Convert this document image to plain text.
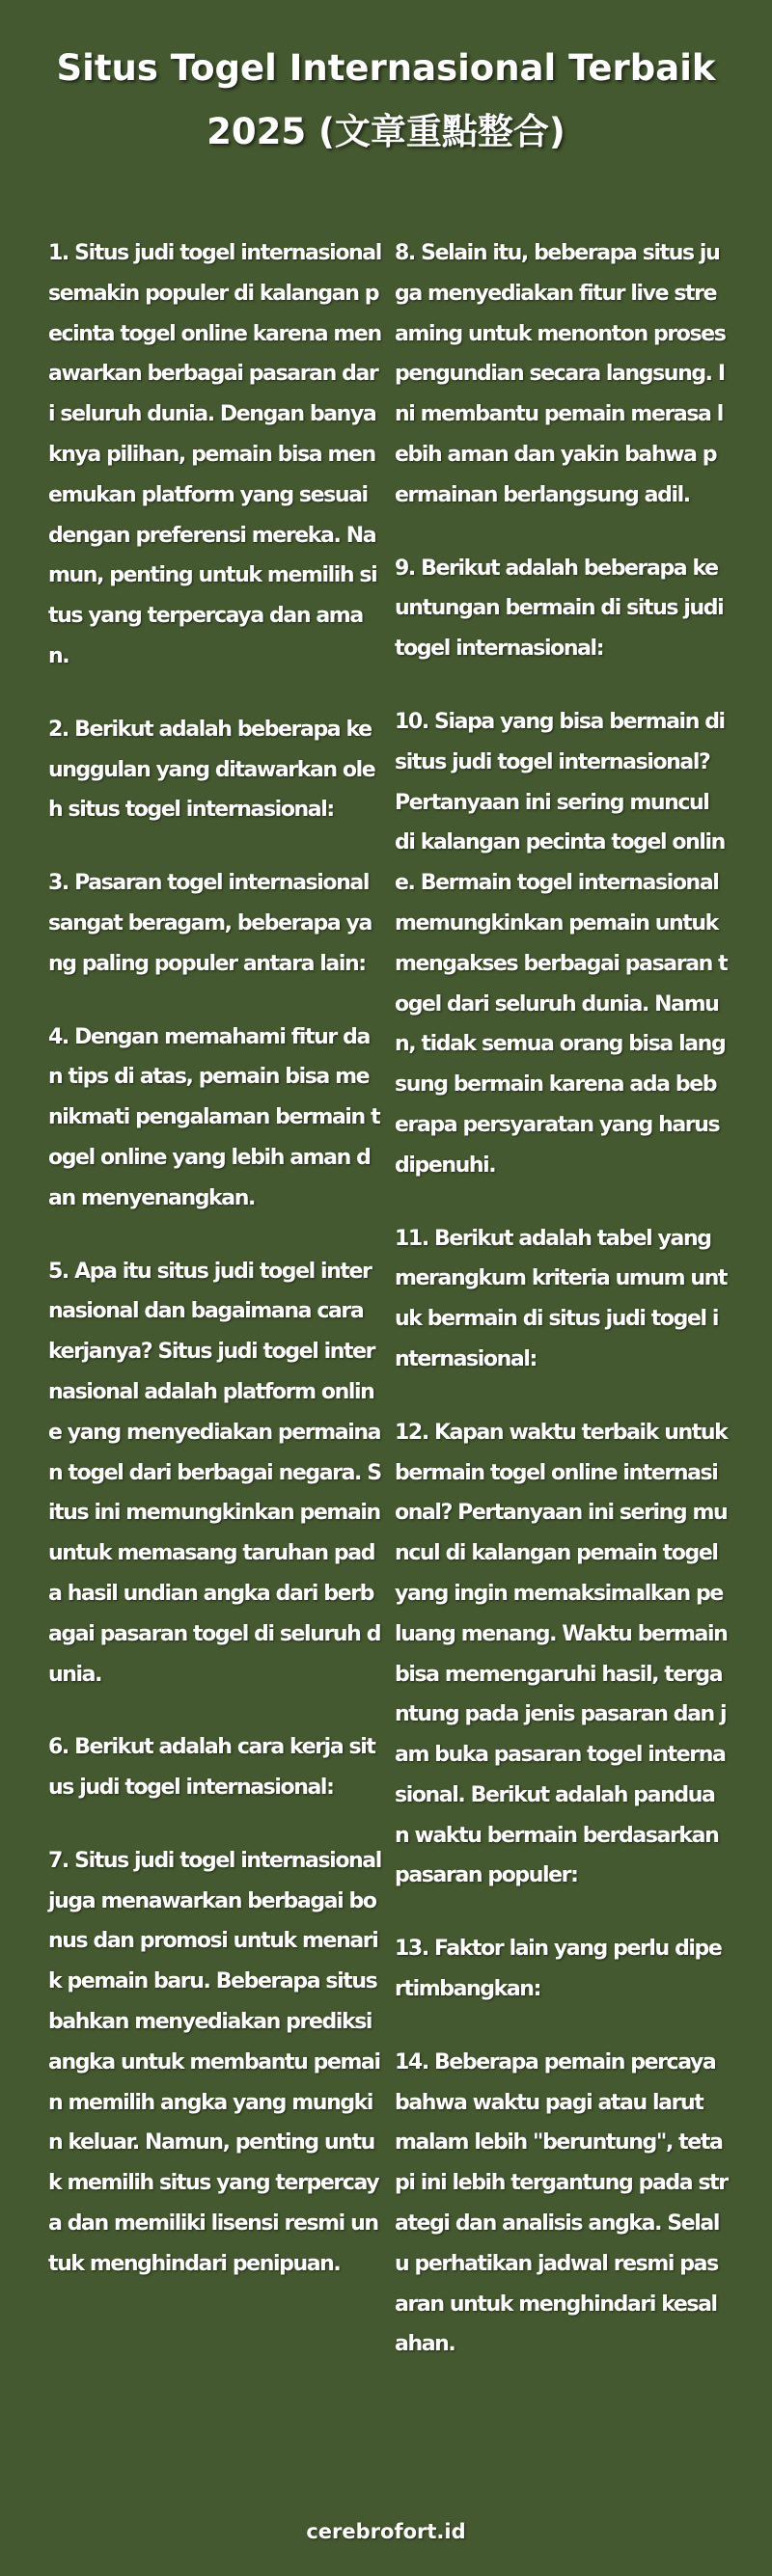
Situs Togel Internasional Terbaik 2025 (文章重點整合)

1. Situs judi togel internasional semakin populer di kalangan pecinta togel online karena menawarkan berbagai pasaran dari seluruh dunia. Dengan banyaknya pilihan, pemain bisa menemukan platform yang sesuai dengan preferensi mereka. Namun, penting untuk memilih situs yang terpercaya dan aman.

2. Berikut adalah beberapa keunggulan yang ditawarkan oleh situs togel internasional:

3. Pasaran togel internasional sangat beragam, beberapa yang paling populer antara lain:

4. Dengan memahami fitur dan tips di atas, pemain bisa menikmati pengalaman bermain togel online yang lebih aman dan menyenangkan.

5. Apa itu situs judi togel internasional dan bagaimana cara kerjanya? Situs judi togel internasional adalah platform online yang menyediakan permainan togel dari berbagai negara. Situs ini memungkinkan pemain untuk memasang taruhan pada hasil undian angka dari berbagai pasaran togel di seluruh dunia.

6. Berikut adalah cara kerja situs judi togel internasional:

7. Situs judi togel internasional juga menawarkan berbagai bonus dan promosi untuk menarik pemain baru. Beberapa situs bahkan menyediakan prediksi angka untuk membantu pemain memilih angka yang mungkin keluar. Namun, penting untuk memilih situs yang terpercaya dan memiliki lisensi resmi untuk menghindari penipuan.

8. Selain itu, beberapa situs juga menyediakan fitur live streaming untuk menonton proses pengundian secara langsung. Ini membantu pemain merasa lebih aman dan yakin bahwa permainan berlangsung adil.

9. Berikut adalah beberapa keuntungan bermain di situs judi togel internasional:

10. Siapa yang bisa bermain di situs judi togel internasional? Pertanyaan ini sering muncul di kalangan pecinta togel online. Bermain togel internasional memungkinkan pemain untuk mengakses berbagai pasaran togel dari seluruh dunia. Namun, tidak semua orang bisa langsung bermain karena ada beberapa persyaratan yang harus dipenuhi.

11. Berikut adalah tabel yang merangkum kriteria umum untuk bermain di situs judi togel internasional:

12. Kapan waktu terbaik untuk bermain togel online internasional? Pertanyaan ini sering muncul di kalangan pemain togel yang ingin memaksimalkan peluang menang. Waktu bermain bisa memengaruhi hasil, tergantung pada jenis pasaran dan jam buka pasaran togel internasional. Berikut adalah panduan waktu bermain berdasarkan pasaran populer:

13. Faktor lain yang perlu dipertimbangkan:

14. Beberapa pemain percaya bahwa waktu pagi atau larut malam lebih "beruntung", tetapi ini lebih tergantung pada strategi dan analisis angka. Selalu perhatikan jadwal resmi pasaran untuk menghindari kesalahan.

cerebrofort.id
